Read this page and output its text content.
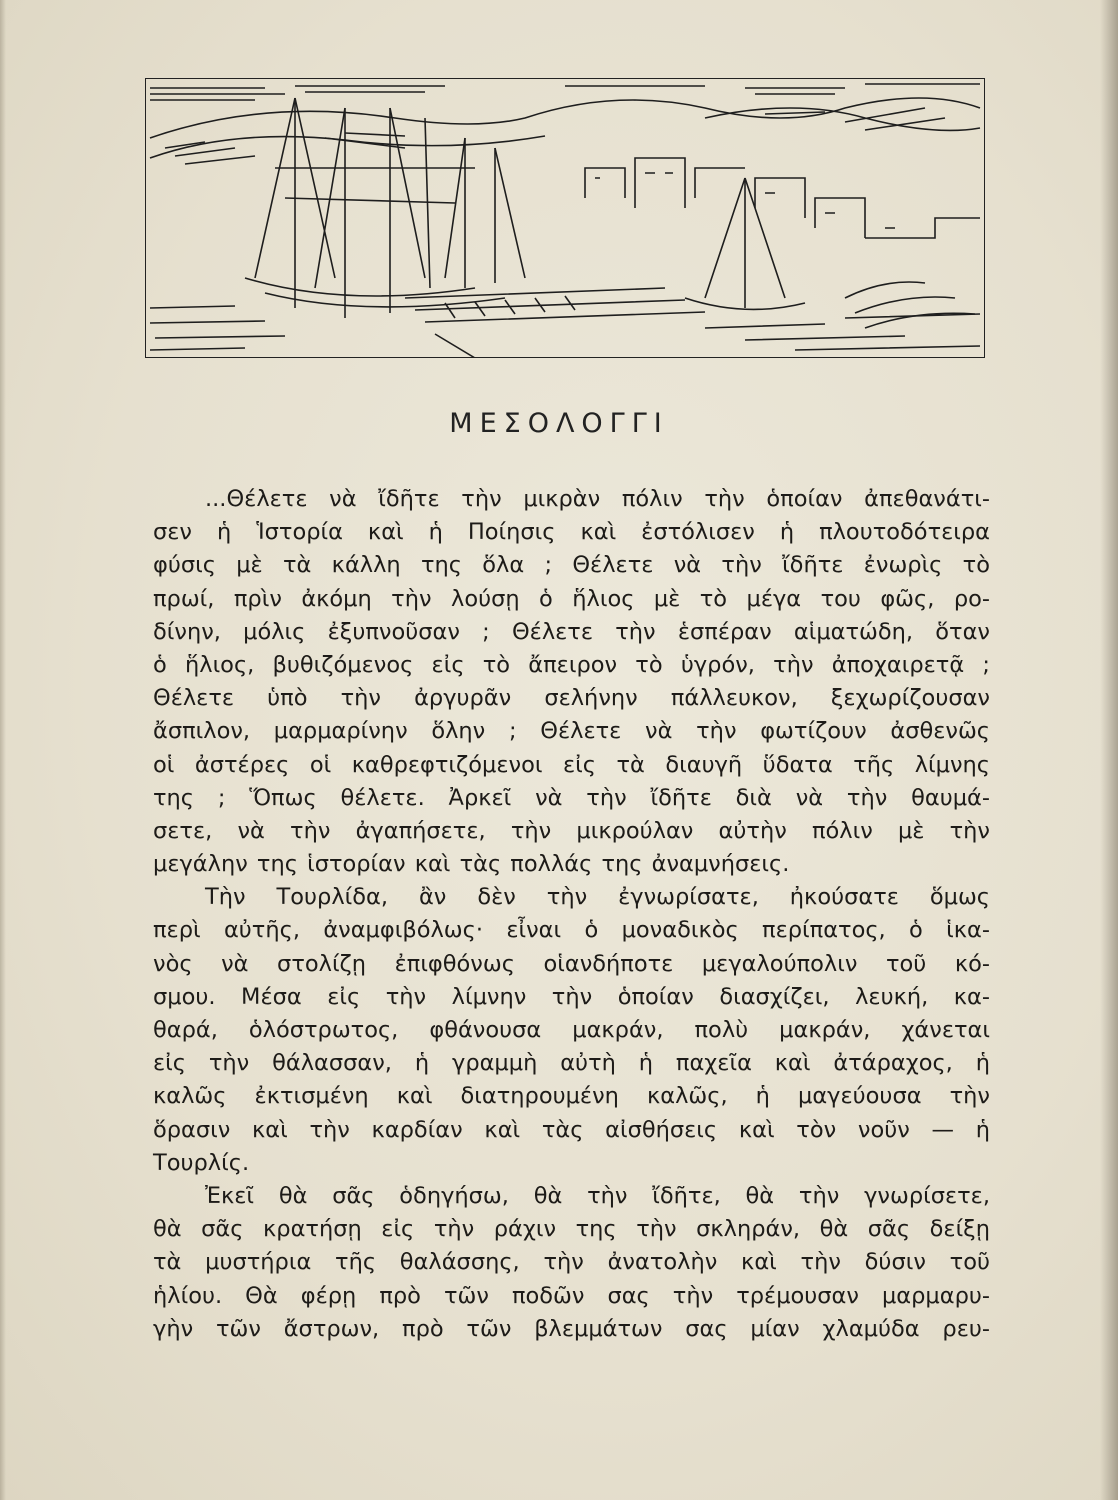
ΜΕΣΟΛΟΓΓΙ
...Θέλετε νὰ ἴδῆτε τὴν μικρὰν πόλιν τὴν ὁποίαν ἀπεθανάτι-
σεν ἡ Ἱστορία καὶ ἡ Ποίησις καὶ ἐστόλισεν ἡ πλουτοδότειρα
φύσις μὲ τὰ κάλλη της ὅλα ; Θέλετε νὰ τὴν ἴδῆτε ἐνωρὶς τὸ
πρωί, πρὶν ἀκόμη τὴν λούσῃ ὁ ἥλιος μὲ τὸ μέγα του φῶς, ρο-
δίνην, μόλις ἐξυπνοῦσαν ; Θέλετε τὴν ἑσπέραν αἱματώδη, ὅταν
ὁ ἥλιος, βυθιζόμενος εἰς τὸ ἄπειρον τὸ ὑγρόν, τὴν ἀποχαιρετᾷ ;
Θέλετε ὑπὸ τὴν ἀργυρᾶν σελήνην πάλλευκον, ξεχωρίζουσαν
ἄσπιλον, μαρμαρίνην ὅλην ; Θέλετε νὰ τὴν φωτίζουν ἀσθενῶς
οἱ ἀστέρες οἱ καθρεφτιζόμενοι εἰς τὰ διαυγῆ ὕδατα τῆς λίμνης
της ; Ὅπως θέλετε. Ἀρκεῖ νὰ τὴν ἴδῆτε διὰ νὰ τὴν θαυμά-
σετε, νὰ τὴν ἀγαπήσετε, τὴν μικρούλαν αὐτὴν πόλιν μὲ τὴν
μεγάλην της ἱστορίαν καὶ τὰς πολλάς της ἀναμνήσεις.
Τὴν Τουρλίδα, ἂν δὲν τὴν ἐγνωρίσατε, ἠκούσατε ὅμως
περὶ αὐτῆς, ἀναμφιβόλως· εἶναι ὁ μοναδικὸς περίπατος, ὁ ἱκα-
νὸς νὰ στολίζῃ ἐπιφθόνως οἱανδήποτε μεγαλούπολιν τοῦ κό-
σμου. Μέσα εἰς τὴν λίμνην τὴν ὁποίαν διασχίζει, λευκή, κα-
θαρά, ὁλόστρωτος, φθάνουσα μακράν, πολὺ μακράν, χάνεται
εἰς τὴν θάλασσαν, ἡ γραμμὴ αὐτὴ ἡ παχεῖα καὶ ἀτάραχος, ἡ
καλῶς ἐκτισμένη καὶ διατηρουμένη καλῶς, ἡ μαγεύουσα τὴν
ὅρασιν καὶ τὴν καρδίαν καὶ τὰς αἰσθήσεις καὶ τὸν νοῦν — ἡ
Τουρλίς.
Ἐκεῖ θὰ σᾶς ὁδηγήσω, θὰ τὴν ἴδῆτε, θὰ τὴν γνωρίσετε,
θὰ σᾶς κρατήσῃ εἰς τὴν ράχιν της τὴν σκληράν, θὰ σᾶς δείξῃ
τὰ μυστήρια τῆς θαλάσσης, τὴν ἀνατολὴν καὶ τὴν δύσιν τοῦ
ἡλίου. Θὰ φέρῃ πρὸ τῶν ποδῶν σας τὴν τρέμουσαν μαρμαρυ-
γὴν τῶν ἄστρων, πρὸ τῶν βλεμμάτων σας μίαν χλαμύδα ρευ-
